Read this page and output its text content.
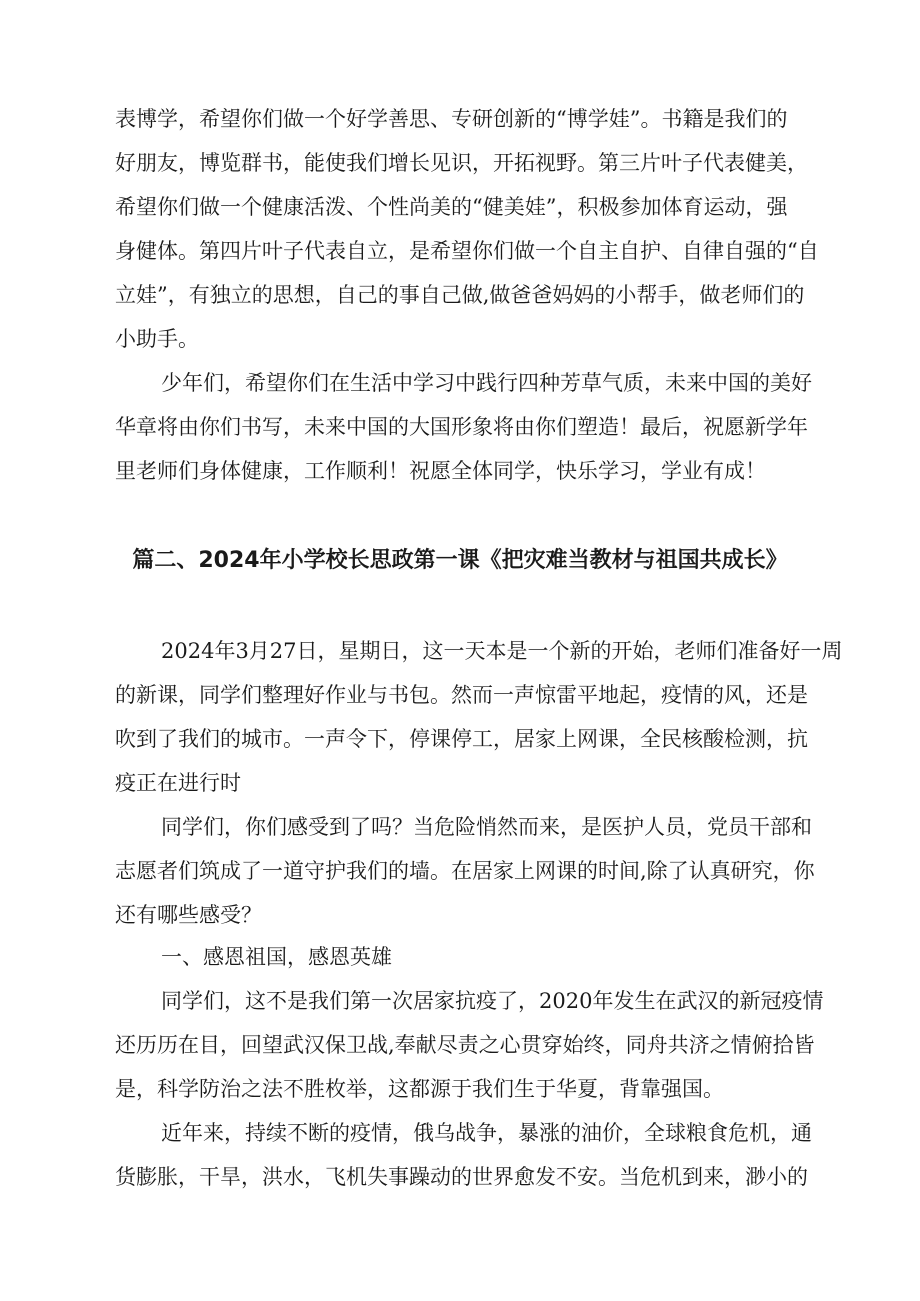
表博学，希望你们做一个好学善思、专研创新的“博学娃”。书籍是我们的
好朋友，博览群书，能使我们增长见识，开拓视野。第三片叶子代表健美，
希望你们做一个健康活泼、个性尚美的“健美娃”，积极参加体育运动，强
身健体。第四片叶子代表自立，是希望你们做一个自主自护、自律自强的“自
立娃”，有独立的思想，自己的事自己做,做爸爸妈妈的小帮手，做老师们的
小助手。
少年们，希望你们在生活中学习中践行四种芳草气质，未来中国的美好
华章将由你们书写，未来中国的大国形象将由你们塑造！最后，祝愿新学年
里老师们身体健康，工作顺利！祝愿全体同学，快乐学习，学业有成！
篇二、2024年小学校长思政第一课《把灾难当教材与祖国共成长》
2024年3月27日，星期日，这一天本是一个新的开始，老师们准备好一周
的新课，同学们整理好作业与书包。然而一声惊雷平地起，疫情的风，还是
吹到了我们的城市。一声令下，停课停工，居家上网课，全民核酸检测，抗
疫正在进行时
同学们，你们感受到了吗？当危险悄然而来，是医护人员，党员干部和
志愿者们筑成了一道守护我们的墙。在居家上网课的时间,除了认真研究，你
还有哪些感受？
一、感恩祖国，感恩英雄
同学们，这不是我们第一次居家抗疫了，2020年发生在武汉的新冠疫情
还历历在目，回望武汉保卫战,奉献尽责之心贯穿始终，同舟共济之情俯拾皆
是，科学防治之法不胜枚举，这都源于我们生于华夏，背靠强国。
近年来，持续不断的疫情，俄乌战争，暴涨的油价，全球粮食危机，通
货膨胀，干旱，洪水，飞机失事躁动的世界愈发不安。当危机到来，渺小的
